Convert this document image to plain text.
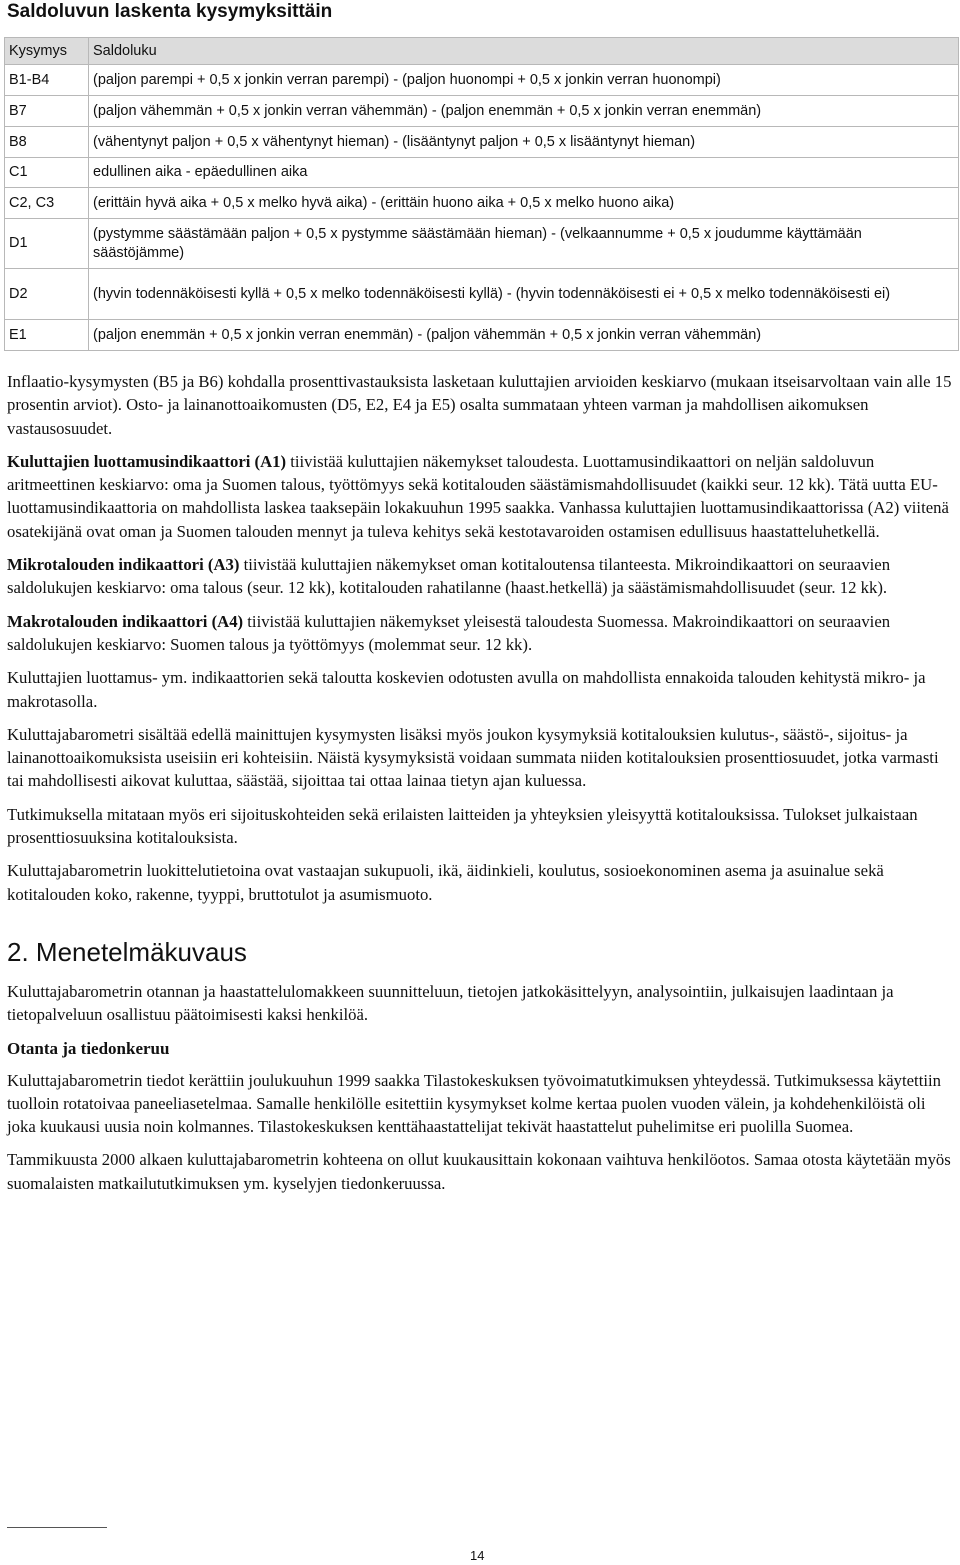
Saldoluvun laskenta kysymyksittäin
Kysymys	Saldoluku
B1-B4	(paljon parempi + 0,5 x jonkin verran parempi) - (paljon huonompi + 0,5 x jonkin verran huonompi)
B7	(paljon vähemmän + 0,5 x jonkin verran vähemmän) - (paljon enemmän + 0,5 x jonkin verran enemmän)
B8	(vähentynyt paljon + 0,5 x vähentynyt hieman) - (lisääntynyt paljon + 0,5 x lisääntynyt hieman)
C1	edullinen aika - epäedullinen aika
C2, C3	(erittäin hyvä aika + 0,5 x melko hyvä aika) - (erittäin huono aika + 0,5 x melko huono aika)
D1	(pystymme säästämään paljon + 0,5 x pystymme säästämään hieman) - (velkaannumme + 0,5 x joudumme käyttämään säästöjämme)
D2	(hyvin todennäköisesti kyllä + 0,5 x melko todennäköisesti kyllä) - (hyvin todennäköisesti ei + 0,5 x melko todennäköisesti ei)
E1	(paljon enemmän + 0,5 x jonkin verran enemmän) - (paljon vähemmän + 0,5 x jonkin verran vähemmän)

Inflaatio-kysymysten (B5 ja B6) kohdalla prosenttivastauksista lasketaan kuluttajien arvioiden keskiarvo (mukaan itseisarvoltaan vain alle 15 prosentin arviot). Osto- ja lainanottoaikomusten (D5, E2, E4 ja E5) osalta summataan yhteen varman ja mahdollisen aikomuksen vastausosuudet.

Kuluttajien luottamusindikaattori (A1) tiivistää kuluttajien näkemykset taloudesta. Luottamusindikaattori on neljän saldoluvun aritmeettinen keskiarvo: oma ja Suomen talous, työttömyys sekä kotitalouden säästämismahdollisuudet (kaikki seur. 12 kk). Tätä uutta EU-luottamusindikaattoria on mahdollista laskea taaksepäin lokakuuhun 1995 saakka. Vanhassa kuluttajien luottamusindikaattorissa (A2) viitenä osatekijänä ovat oman ja Suomen talouden mennyt ja tuleva kehitys sekä kestotavaroiden ostamisen edullisuus haastatteluhetkellä.

Mikrotalouden indikaattori (A3) tiivistää kuluttajien näkemykset oman kotitaloutensa tilanteesta. Mikroindikaattori on seuraavien saldolukujen keskiarvo: oma talous (seur. 12 kk), kotitalouden rahatilanne (haast.hetkellä) ja säästämismahdollisuudet (seur. 12 kk).

Makrotalouden indikaattori (A4) tiivistää kuluttajien näkemykset yleisestä taloudesta Suomessa. Makroindikaattori on seuraavien saldolukujen keskiarvo: Suomen talous ja työttömyys (molemmat seur. 12 kk).

Kuluttajien luottamus- ym. indikaattorien sekä taloutta koskevien odotusten avulla on mahdollista ennakoida talouden kehitystä mikro- ja makrotasolla.

Kuluttajabarometri sisältää edellä mainittujen kysymysten lisäksi myös joukon kysymyksiä kotitalouksien kulutus-, säästö-, sijoitus- ja lainanottoaikomuksista useisiin eri kohteisiin. Näistä kysymyksistä voidaan summata niiden kotitalouksien prosenttiosuudet, jotka varmasti tai mahdollisesti aikovat kuluttaa, säästää, sijoittaa tai ottaa lainaa tietyn ajan kuluessa.

Tutkimuksella mitataan myös eri sijoituskohteiden sekä erilaisten laitteiden ja yhteyksien yleisyyttä kotitalouksissa. Tulokset julkaistaan prosenttiosuuksina kotitalouksista.

Kuluttajabarometrin luokittelutietoina ovat vastaajan sukupuoli, ikä, äidinkieli, koulutus, sosioekonominen asema ja asuinalue sekä kotitalouden koko, rakenne, tyyppi, bruttotulot ja asumismuoto.

2. Menetelmäkuvaus

Kuluttajabarometrin otannan ja haastattelulomakkeen suunnitteluun, tietojen jatkokäsittelyyn, analysointiin, julkaisujen laadintaan ja tietopalveluun osallistuu päätoimisesti kaksi henkilöä.

Otanta ja tiedonkeruu

Kuluttajabarometrin tiedot kerättiin joulukuuhun 1999 saakka Tilastokeskuksen työvoimatutkimuksen yhteydessä. Tutkimuksessa käytettiin tuolloin rotatoivaa paneeliasetelmaa. Samalle henkilölle esitettiin kysymykset kolme kertaa puolen vuoden välein, ja kohdehenkilöistä oli joka kuukausi uusia noin kolmannes. Tilastokeskuksen kenttähaastattelijat tekivät haastattelut puhelimitse eri puolilla Suomea.

Tammikuusta 2000 alkaen kuluttajabarometrin kohteena on ollut kuukausittain kokonaan vaihtuva henkilöotos. Samaa otosta käytetään myös suomalaisten matkailututkimuksen ym. kyselyjen tiedonkeruussa.

14
